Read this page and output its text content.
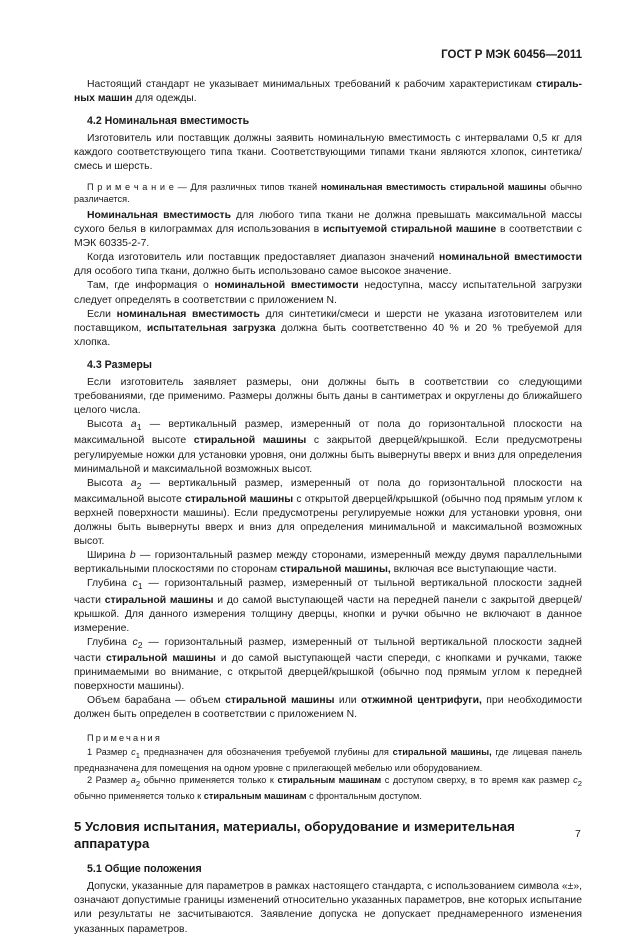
ГОСТ Р МЭК 60456—2011

Настоящий стандарт не указывает минимальных требований к рабочим характеристикам стираль-ных машин для одежды.

4.2 Номинальная вместимость

Изготовитель или поставщик должны заявить номинальную вместимость с интервалами 0,5 кг для каждого соответствующего типа ткани. Соответствующими типами ткани являются хлопок, синтетика/смесь и шерсть.

П р и м е ч а н и е — Для различных типов тканей номинальная вместимость стиральной машины обычно различается.

Номинальная вместимость для любого типа ткани не должна превышать максимальной массы сухого белья в килограммах для использования в испытуемой стиральной машине в соответствии с МЭК 60335-2-7.

Когда изготовитель или поставщик предоставляет диапазон значений номинальной вместимости для особого типа ткани, должно быть использовано самое высокое значение.

Там, где информация о номинальной вместимости недоступна, массу испытательной загрузки следует определять в соответствии с приложением N.

Если номинальная вместимость для синтетики/смеси и шерсти не указана изготовителем или поставщиком, испытательная загрузка должна быть соответственно 40 % и 20 % требуемой для хлопка.

4.3 Размеры

Если изготовитель заявляет размеры, они должны быть в соответствии со следующими требованиями, где применимо. Размеры должны быть даны в сантиметрах и округлены до ближайшего целого числа.

Высота $a_1$ — вертикальный размер, измеренный от пола до горизонтальной плоскости на максимальной высоте стиральной машины с закрытой дверцей/крышкой. Если предусмотрены регулируемые ножки для установки уровня, они должны быть вывернуты вверх и вниз для определения минимальной и максимальной возможных высот.

Высота $a_2$ — вертикальный размер, измеренный от пола до горизонтальной плоскости на максимальной высоте стиральной машины с открытой дверцей/крышкой (обычно под прямым углом к верхней поверхности машины). Если предусмотрены регулируемые ножки для установки уровня, они должны быть вывернуты вверх и вниз для определения минимальной и максимальной возможных высот.

Ширина b — горизонтальный размер между сторонами, измеренный между двумя параллельными вертикальными плоскостями по сторонам стиральной машины, включая все выступающие части.

Глубина $c_1$ — горизонтальный размер, измеренный от тыльной вертикальной плоскости задней части стиральной машины и до самой выступающей части на передней панели с закрытой дверцей/крышкой. Для данного измерения толщину дверцы, кнопки и ручки обычно не включают в данное измерение.

Глубина $c_2$ — горизонтальный размер, измеренный от тыльной вертикальной плоскости задней части стиральной машины и до самой выступающей части спереди, с кнопками и ручками, также принимаемыми во внимание, с открытой дверцей/крышкой (обычно под прямым углом к передней поверхности машины).

Объем барабана — объем стиральной машины или отжимной центрифуги, при необходимости должен быть определен в соответствии с приложением N.

Примечания

1 Размер $c_1$ предназначен для обозначения требуемой глубины для стиральной машины, где лицевая панель предназначена для помещения на одном уровне с прилегающей мебелью или оборудованием.

2 Размер $a_2$ обычно применяется только к стиральным машинам с доступом сверху, в то время как размер $c_2$ обычно применяется только к стиральным машинам с фронтальным доступом.

5 Условия испытания, материалы, оборудование и измерительная
аппаратура
5.1 Общие положения

Допуски, указанные для параметров в рамках настоящего стандарта, с использованием символа «±», означают допустимые границы изменений относительно указанных параметров, вне которых испытание или результаты не засчитываются. Заявление допуска не допускает преднамеренного изменения указанных параметров.

7
